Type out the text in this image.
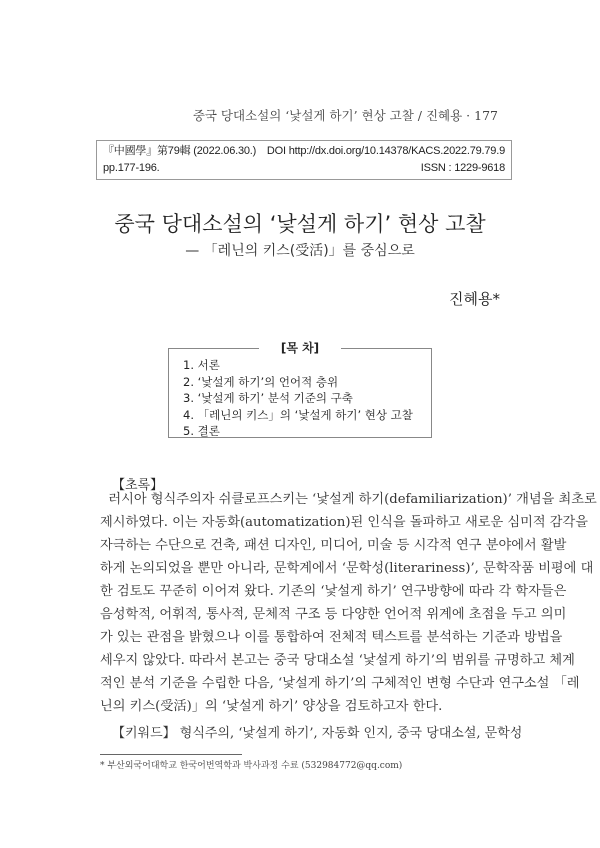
중국 당대소설의 ‘낯설게 하기’ 현상 고찰 / 진혜용 · 177
『中國學』第79輯 (2022.06.30.) DOI http://dx.doi.org/10.14378/KACS.2022.79.79.9
pp.177-196.	ISSN : 1229-9618
중국 당대소설의 ‘낯설게 하기’ 현상 고찰
— 「레닌의 키스(受活)」를 중심으로
진혜용*
[목 차]
1. 서론
2. ‘낯설게 하기’의 언어적 층위
3. ‘낯설게 하기’ 분석 기준의 구축
4. 「레닌의 키스」의 ‘낯설게 하기’ 현상 고찰
5. 결론
【초록】
러시아 형식주의자 쉬클로프스키는 ‘낯설게 하기(defamiliarization)’ 개념을 최초로
제시하였다. 이는 자동화(automatization)된 인식을 돌파하고 새로운 심미적 감각을
자극하는 수단으로 건축, 패션 디자인, 미디어, 미술 등 시각적 연구 분야에서 활발
하게 논의되었을 뿐만 아니라, 문학계에서 ‘문학성(literariness)’, 문학작품 비평에 대
한 검토도 꾸준히 이어져 왔다. 기존의 ‘낯설게 하기’ 연구방향에 따라 각 학자들은
음성학적, 어휘적, 통사적, 문체적 구조 등 다양한 언어적 위계에 초점을 두고 의미
가 있는 관점을 밝혔으나 이를 통합하여 전체적 텍스트를 분석하는 기준과 방법을
세우지 않았다. 따라서 본고는 중국 당대소설 ‘낯설게 하기’의 범위를 규명하고 체계
적인 분석 기준을 수립한 다음, ‘낯설게 하기’의 구체적인 변형 수단과 연구소설 「레
닌의 키스(受活)」의 ‘낯설게 하기’ 양상을 검토하고자 한다.
【키워드】 형식주의, ‘낯설게 하기’, 자동화 인지, 중국 당대소설, 문학성
* 부산외국어대학교 한국어번역학과 박사과정 수료 (532984772@qq.com)
